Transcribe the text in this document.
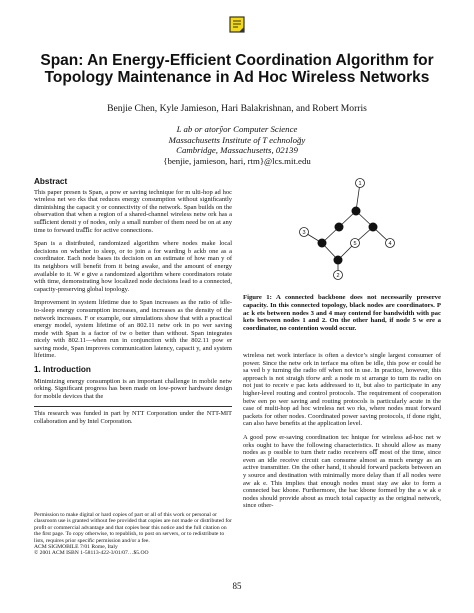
Span: An Energy-Efficient Coordination Algorithm for
Topology Maintenance in Ad Hoc Wireless Networks
Benjie Chen, Kyle Jamieson, Hari Balakrishnan, and Robert Morris
L ab or atorŷor Computer Science
Massachusetts Institute of T echnoloğy
Cambridge, Massachusetts, 02139
{benjie, jamieson, hari, rtm}@lcs.mit.edu
Abstract

This paper presen ts Span, a pow er saving technique for m ulti-hop ad hoc wireless net wo rks that reduces energy consumption without signiﬁcantly diminishing the capacit y or connectivity of the network. Span builds on the observation that when a region of a shared-channel wireless netw ork has a suﬃcient densit y of nodes, only a small number of them need be on at any time to forward traﬃc for active connections.

Span is a distributed, randomized algorithm where nodes make local decisions on whether to sleep, or to join a for warding b ackb one as a coordinator. Each node bases its decision on an estimate of how man y of its neighbors will beneﬁt from it being awake, and the amount of energy available to it. W e give a randomized algorithm where coordinators rotate with time, demonstrating how localized node decisions lead to a connected, capacity-preserving global topology.

Improvement in system lifetime due to Span increases as the ratio of idle-to-sleep energy consumption increases, and increases as the density of the network increases. F or example, our simulations show that with a practical energy model, system lifetime of an 802.11 netw ork in po wer saving mode with Span is a factor of tw o better than without. Span integrates nicely with 802.11—when run in conjunction with the 802.11 pow er saving mode, Span improves communication latency, capacit y, and system lifetime.

1. Introduction

Minimizing energy consumption is an important challenge in mobile netw orking. Signiﬁcant progress has been made on low-power hardware design for mobile devices that the

This research was funded in part by NTT Corporation under the NTT-MIT collaboration and by Intel Corporation.
Permission to make digital or hard copies of part or all of this work or personal or classroom use is granted without fee provided that copies are not made or distributed for proﬁt or commercial advantage and that copies bear this notice and the full citation on the ﬁrst page. To copy otherwise, to republish, to post on servers, or to redistribute to lists, requires prior speciﬁc permission and/or a fee.
ACM SIGMOBILE 7/01 Rome, Italy
© 2001 ACM ISBN 1-58113-422-3/01/07…$5.OO
1
2
3
4
5
Figure 1: A connected backbone does not necessarily preserve capacity. In this connected topology, black nodes are coordinators. P ac k ets between nodes 3 and 4 may contend for bandwidth with pac kets between nodes 1 and 2. On the other hand, if node 5 w ere a coordinator, no contention would occur.

wireless net work interface is often a device’s single largest consumer of power. Since the netw ork in terface ma often be idle, this pow er could be sa ved b y turning the radio off when not in use. In practice, however, this approach is not straigh tforw ard: a node m st arrange to turn its radio on not just to receiv e pac kets addressed to it, but also to participate in any higher-level routing and control protocols. The requirement of cooperation betw een po wer saving and routing protocols is particularly acute in the case of multi-hop ad hoc wireless net wo rks, where nodes must forward packets for other nodes. Coordinated power saving protocols, if done right, can also have beneﬁts at the application level.

A good pow er-saving coordination tec hnique for wireless ad-hoc net w orks ought to have the following characteristics. It should allow as many nodes as p ossible to turn their radio receivers oﬀ most of the time, since even an idle receive circuit can consume almost as much energy as an active transmitter. On the other hand, it should forward packets between an y source and destination with minimally more delay than if all nodes were aw ak e. This implies that enough nodes must stay aw ake to form a connected bac kbone. Furthermore, the bac kbone formed by the a w ak e nodes should provide about as much total capacity as the original network, since other-

85
